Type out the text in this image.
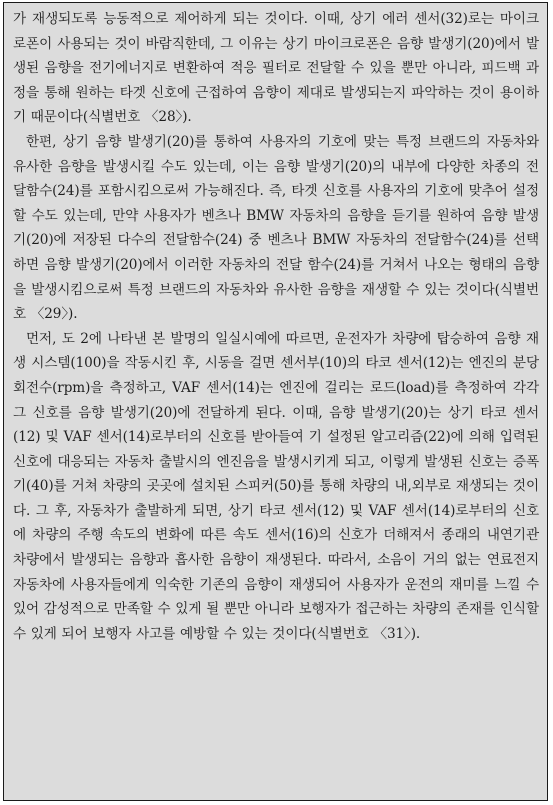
가 재생되도록 능동적으로 제어하게 되는 것이다. 이때, 상기 에러 센서(32)로는 마이크로폰이 사용되는 것이 바람직한데, 그 이유는 상기 마이크로폰은 음향 발생기(20)에서 발생된 음향을 전기에너지로 변환하여 적응 필터로 전달할 수 있을 뿐만 아니라, 피드백 과정을 통해 원하는 타겟 신호에 근접하여 음향이 제대로 발생되는지 파악하는 것이 용이하기 때문이다(식별번호 〈28〉).

한편, 상기 음향 발생기(20)를 통하여 사용자의 기호에 맞는 특정 브랜드의 자동차와 유사한 음향을 발생시킬 수도 있는데, 이는 음향 발생기(20)의 내부에 다양한 차종의 전달함수(24)를 포함시킴으로써 가능해진다. 즉, 타겟 신호를 사용자의 기호에 맞추어 설정할 수도 있는데, 만약 사용자가 벤츠나 BMW 자동차의 음향을 듣기를 원하여 음향 발생기(20)에 저장된 다수의 전달함수(24) 중 벤츠나 BMW 자동차의 전달함수(24)를 선택하면 음향 발생기(20)에서 이러한 자동차의 전달 함수(24)를 거쳐서 나오는 형태의 음향을 발생시킴으로써 특정 브랜드의 자동차와 유사한 음향을 재생할 수 있는 것이다(식별번호 〈29〉).

먼저, 도 2에 나타낸 본 발명의 일실시예에 따르면, 운전자가 차량에 탑승하여 음향 재생 시스템(100)을 작동시킨 후, 시동을 걸면 센서부(10)의 타코 센서(12)는 엔진의 분당 회전수(rpm)을 측정하고, VAF 센서(14)는 엔진에 걸리는 로드(load)를 측정하여 각각 그 신호를 음향 발생기(20)에 전달하게 된다. 이때, 음향 발생기(20)는 상기 타코 센서(12) 및 VAF 센서(14)로부터의 신호를 받아들여 기 설정된 알고리즘(22)에 의해 입력된 신호에 대응되는 자동차 출발시의 엔진음을 발생시키게 되고, 이렇게 발생된 신호는 증폭기(40)를 거쳐 차량의 곳곳에 설치된 스피커(50)를 통해 차량의 내,외부로 재생되는 것이다. 그 후, 자동차가 출발하게 되면, 상기 타코 센서(12) 및 VAF 센서(14)로부터의 신호에 차량의 주행 속도의 변화에 따른 속도 센서(16)의 신호가 더해져서 종래의 내연기관 차량에서 발생되는 음향과 흡사한 음향이 재생된다. 따라서, 소음이 거의 없는 연료전지 자동차에 사용자들에게 익숙한 기존의 음향이 재생되어 사용자가 운전의 재미를 느낄 수 있어 감성적으로 만족할 수 있게 될 뿐만 아니라 보행자가 접근하는 차량의 존재를 인식할 수 있게 되어 보행자 사고를 예방할 수 있는 것이다(식별번호 〈31〉).
